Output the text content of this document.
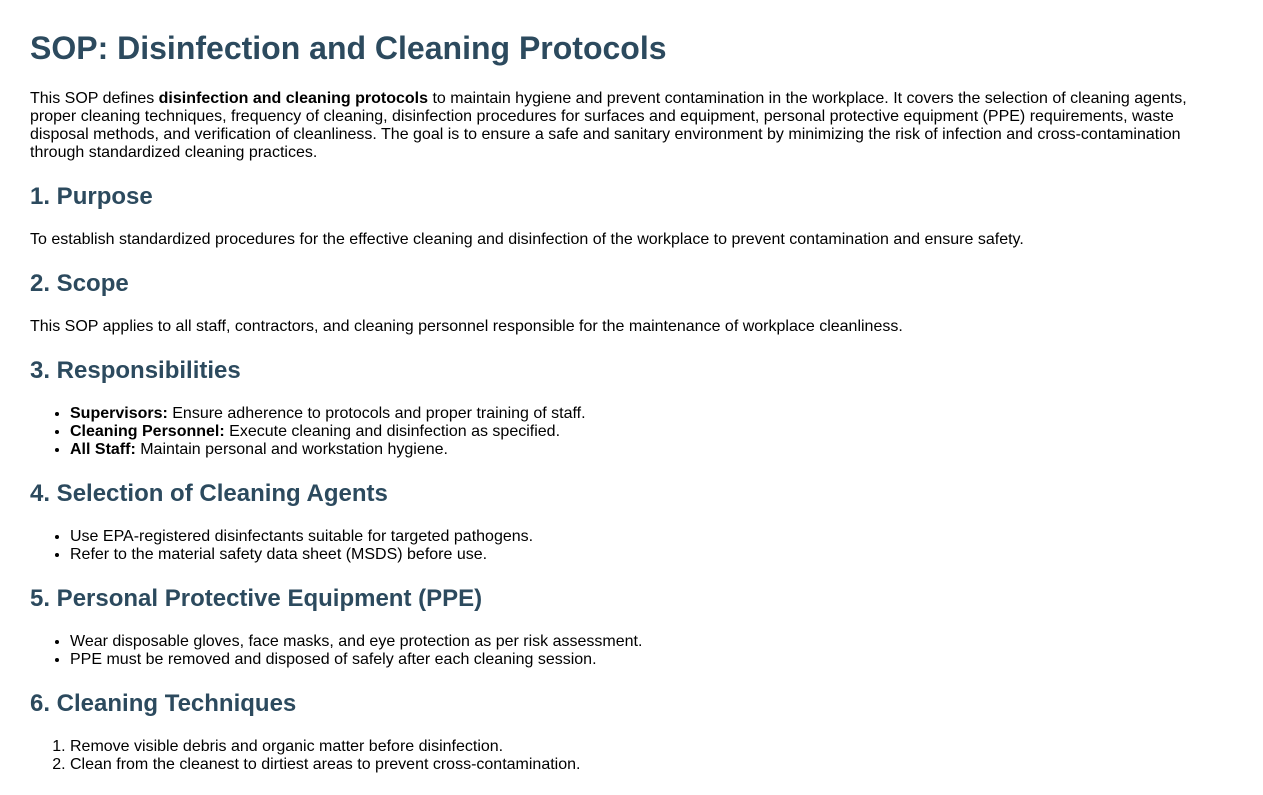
SOP: Disinfection and Cleaning Protocols

This SOP defines disinfection and cleaning protocols to maintain hygiene and prevent contamination in the workplace. It covers the selection of cleaning agents, proper cleaning techniques, frequency of cleaning, disinfection procedures for surfaces and equipment, personal protective equipment (PPE) requirements, waste disposal methods, and verification of cleanliness. The goal is to ensure a safe and sanitary environment by minimizing the risk of infection and cross-contamination through standardized cleaning practices.

1. Purpose

To establish standardized procedures for the effective cleaning and disinfection of the workplace to prevent contamination and ensure safety.

2. Scope

This SOP applies to all staff, contractors, and cleaning personnel responsible for the maintenance of workplace cleanliness.

3. Responsibilities
• Supervisors: Ensure adherence to protocols and proper training of staff.
• Cleaning Personnel: Execute cleaning and disinfection as specified.
• All Staff: Maintain personal and workstation hygiene.
4. Selection of Cleaning Agents
• Use EPA-registered disinfectants suitable for targeted pathogens.
• Refer to the material safety data sheet (MSDS) before use.
5. Personal Protective Equipment (PPE)
• Wear disposable gloves, face masks, and eye protection as per risk assessment.
• PPE must be removed and disposed of safely after each cleaning session.
6. Cleaning Techniques
1. Remove visible debris and organic matter before disinfection.
2. Clean from the cleanest to dirtiest areas to prevent cross-contamination.
